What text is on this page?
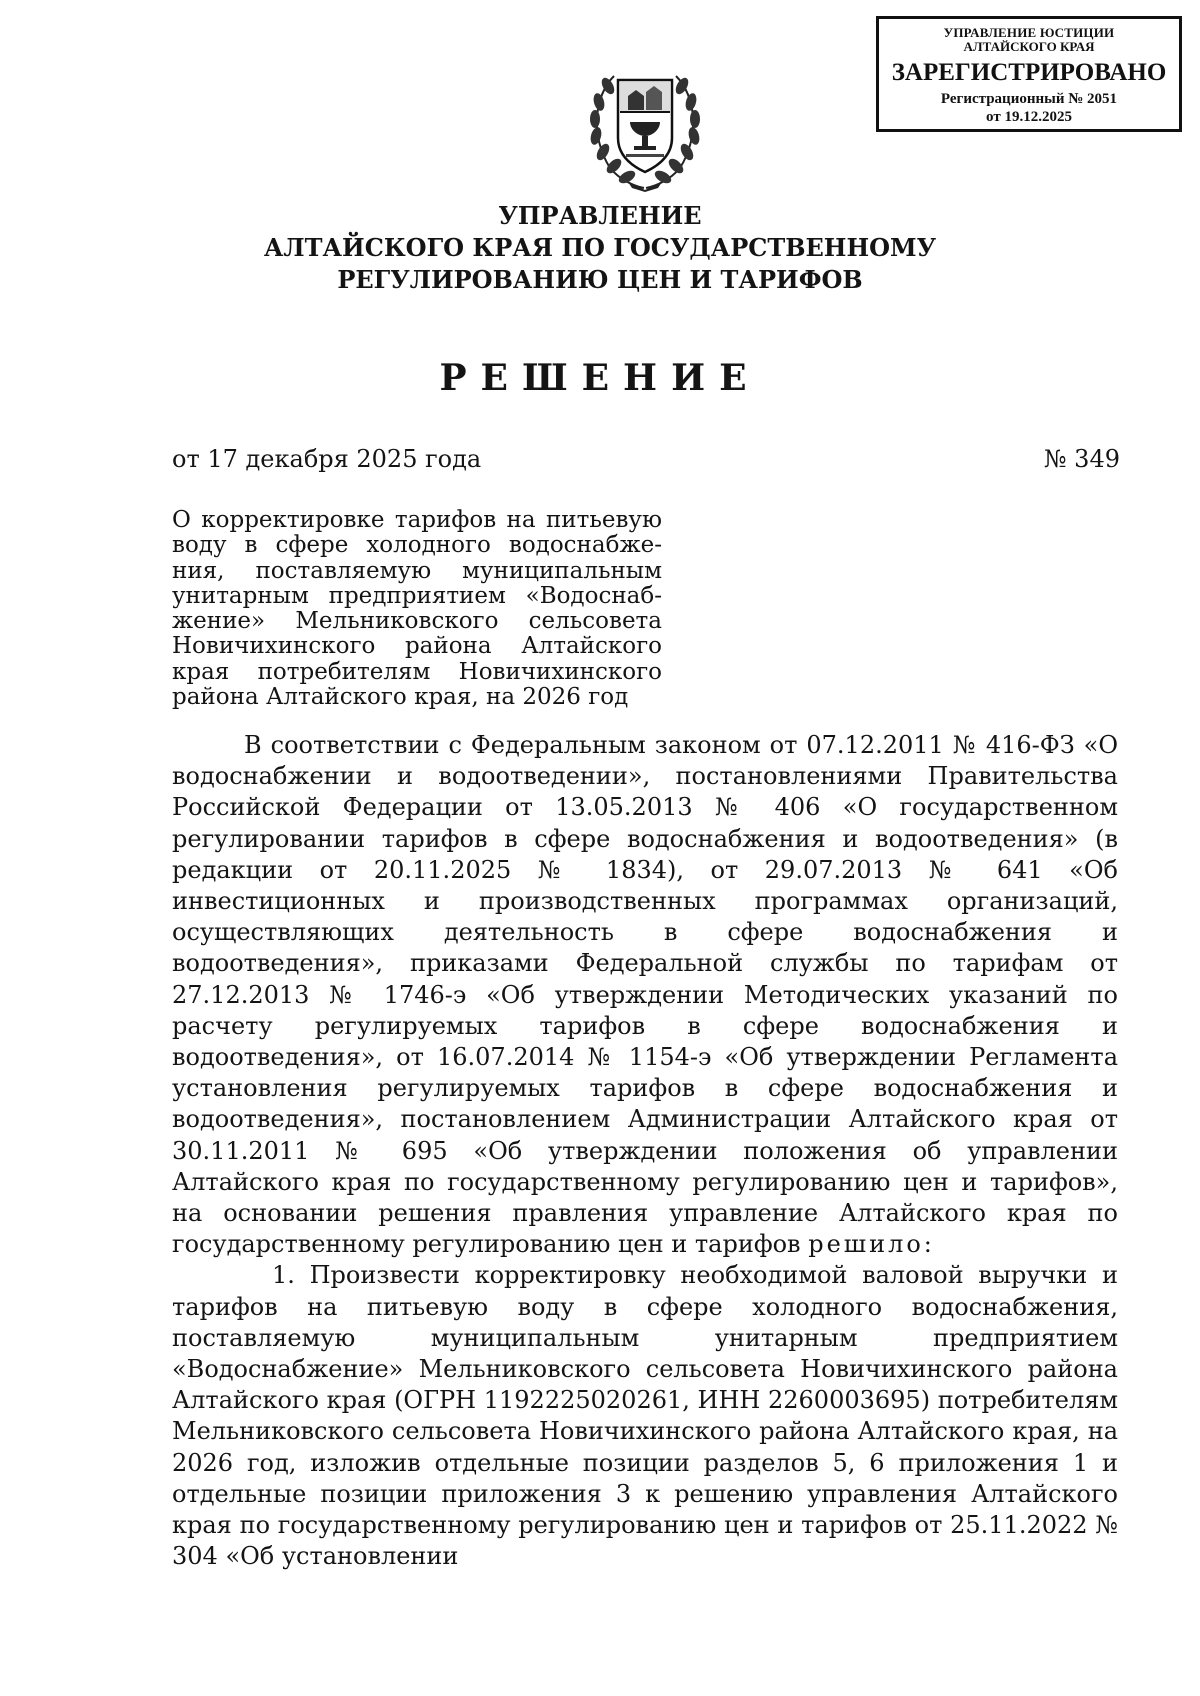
УПРАВЛЕНИЕ ЮСТИЦИИ
АЛТАЙСКОГО КРАЯ
ЗАРЕГИСТРИРОВАНО
Регистрационный № 2051
от 19.12.2025
УПРАВЛЕНИЕ
АЛТАЙСКОГО КРАЯ ПО ГОСУДАРСТВЕННОМУ
РЕГУЛИРОВАНИЮ ЦЕН И ТАРИФОВ
РЕШЕНИЕ
от 17 декабря 2025 года	№ 349
О корректировке тарифов на питьевую воду в сфере холодного водоснабже-ния, поставляемую муниципальным унитарным предприятием «Водоснаб-жение» Мельниковского сельсовета Новичихинского района Алтайского края потребителям Новичихинского района Алтайского края, на 2026 год

В соответствии с Федеральным законом от 07.12.2011 № 416-ФЗ «О водоснабжении и водоотведении», постановлениями Правительства Российской Федерации от 13.05.2013 № 406 «О государственном регулировании тарифов в сфере водоснабжения и водоотведения» (в редакции от 20.11.2025 № 1834), от 29.07.2013 № 641 «Об инвестиционных и производственных программах организаций, осуществляющих деятельность в сфере водоснабжения и водоотведения», приказами Федеральной службы по тарифам от 27.12.2013 № 1746-э «Об утверждении Методических указаний по расчету регулируемых тарифов в сфере водоснабжения и водоотведения», от 16.07.2014 № 1154-э «Об утверждении Регламента установления регулируемых тарифов в сфере водоснабжения и водоотведения», постановлением Администрации Алтайского края от 30.11.2011 № 695 «Об утверждении положения об управлении Алтайского края по государственному регулированию цен и тарифов», на основании решения правления управление Алтайского края по государственному регулированию цен и тарифов решило:

1. Произвести корректировку необходимой валовой выручки и тарифов на питьевую воду в сфере холодного водоснабжения, поставляемую муниципальным унитарным предприятием «Водоснабжение» Мельниковского сельсовета Новичихинского района Алтайского края (ОГРН 1192225020261, ИНН 2260003695) потребителям Мельниковского сельсовета Новичихинского района Алтайского края, на 2026 год, изложив отдельные позиции разделов 5, 6 приложения 1 и отдельные позиции приложения 3 к решению управления Алтайского края по государственному регулированию цен и тарифов от 25.11.2022 № 304 «Об установлении
